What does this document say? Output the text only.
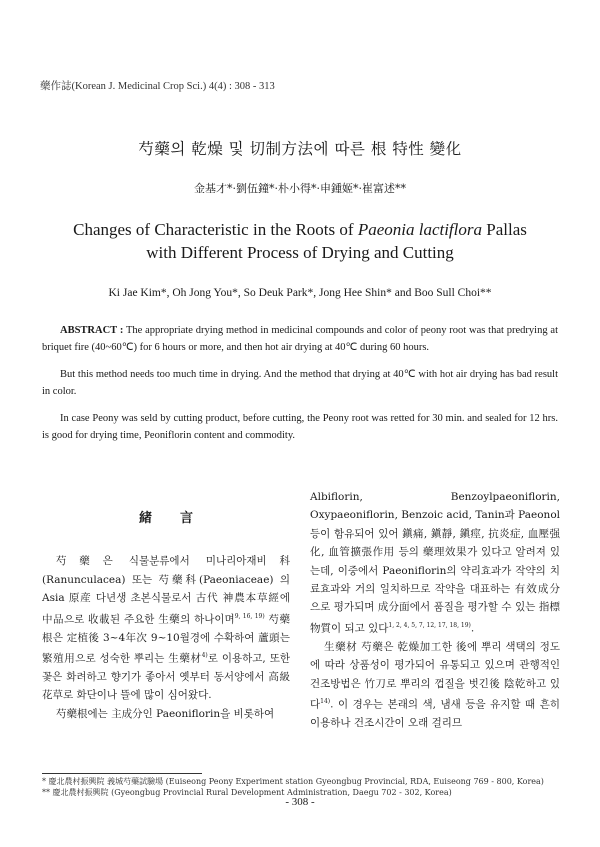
藥作誌(Korean J. Medicinal Crop Sci.) 4(4) : 308 - 313
芍藥의 乾燥 및 切制方法에 따른 根 特性 變化
金基才*·劉伍鐘*·朴小得*·申鍾姬*·崔富述**
Changes of Characteristic in the Roots of Paeonia lactiflora Pallas
with Different Process of Drying and Cutting
Ki Jae Kim*, Oh Jong You*, So Deuk Park*, Jong Hee Shin* and Boo Sull Choi**

ABSTRACT : The appropriate drying method in medicinal compounds and color of peony root was that predrying at briquet fire (40~60℃) for 6 hours or more, and then hot air drying at 40℃ during 60 hours.

But this method needs too much time in drying. And the method that drying at 40℃ with hot air drying has bad result in color.

In case Peony was seld by cutting product, before cutting, the Peony root was retted for 30 min. and sealed for 12 hrs. is good for drying time, Peoniflorin content and commodity.

緒言

芍藥은 식물분류에서 미나리아재비科(Ranunculacea) 또는 芍藥科(Paeoniaceae) 의 Asia 原産 다년생 초본식물로서 古代 神農本草經에 中品으로 收載된 주요한 生藥의 하나이며$^{9, 16, 19)}$ 芍藥根은 定植後 3~4年次 9~10월경에 수확하여 蘆頭는 繁殖用으로 성숙한 뿌리는 生藥材$^{4)}$로 이용하고, 또한 꽃은 화려하고 향기가 좋아서 옛부터 동서양에서 高級花草로 화단이나 뜰에 많이 심어왔다.

芍藥根에는 主成分인 Paeoniflorin을 비롯하여

Albiflorin, Benzoylpaeoniflorin, Oxypaeoniflorin, Benzoic acid, Tanin과 Paeonol 등이 함유되어 있어 鎭痛, 鎭靜, 鎭痙, 抗炎症, 血壓强化, 血管擴張作用 등의 藥理效果가 있다고 알려져 있는데, 이중에서 Paeoniflorin의 약리효과가 작약의 치료효과와 거의 일치하므로 작약을 대표하는 有效成分으로 평가되며 成分面에서 품질을 평가할 수 있는 指標物質이 되고 있다$^{1, 2, 4, 5, 7, 12, 17, 18, 19)}$.

生藥材 芍藥은 乾燥加工한 後에 뿌리 색택의 정도에 따라 상품성이 평가되어 유통되고 있으며 관행적인 건조방법은 竹刀로 뿌리의 껍질을 벗긴後 陰乾하고 있다$^{14)}$. 이 경우는 본래의 색, 냄새 등을 유지할 때 흔히 이용하나 건조시간이 오래 걸리므

* 慶北農村振興院 義城芍藥試驗場 (Euiseong Peony Experiment station Gyeongbug Provincial, RDA, Euiseong 769 - 800, Korea)
** 慶北農村振興院 (Gyeongbug Provincial Rural Development Administration, Daegu 702 - 302, Korea)
- 308 -
